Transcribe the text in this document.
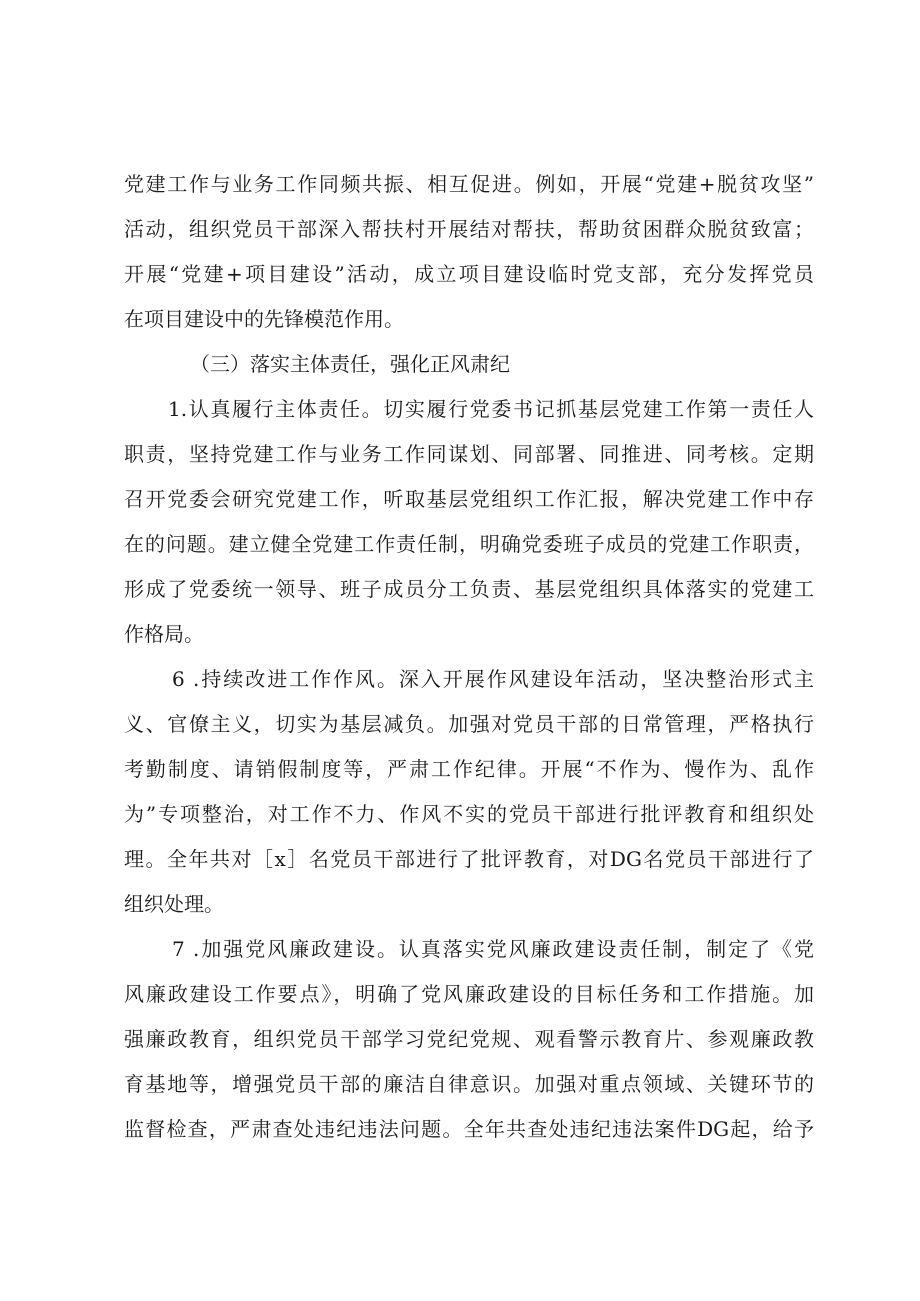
党建工作与业务工作同频共振、相互促进。例如，开展“党建+脱贫攻坚”
活动，组织党员干部深入帮扶村开展结对帮扶，帮助贫困群众脱贫致富；
开展“党建+项目建设”活动，成立项目建设临时党支部，充分发挥党员
在项目建设中的先锋模范作用。
（三）落实主体责任，强化正风肃纪
1.认真履行主体责任。切实履行党委书记抓基层党建工作第一责任人
职责，坚持党建工作与业务工作同谋划、同部署、同推进、同考核。定期
召开党委会研究党建工作，听取基层党组织工作汇报，解决党建工作中存
在的问题。建立健全党建工作责任制，明确党委班子成员的党建工作职责，
形成了党委统一领导、班子成员分工负责、基层党组织具体落实的党建工
作格局。
6 .持续改进工作作风。深入开展作风建设年活动，坚决整治形式主
义、官僚主义，切实为基层减负。加强对党员干部的日常管理，严格执行
考勤制度、请销假制度等，严肃工作纪律。开展“不作为、慢作为、乱作
为”专项整治，对工作不力、作风不实的党员干部进行批评教育和组织处
理。全年共对［x］名党员干部进行了批评教育，对DG名党员干部进行了
组织处理。
7 .加强党风廉政建设。认真落实党风廉政建设责任制，制定了《党
风廉政建设工作要点》，明确了党风廉政建设的目标任务和工作措施。加
强廉政教育，组织党员干部学习党纪党规、观看警示教育片、参观廉政教
育基地等，增强党员干部的廉洁自律意识。加强对重点领域、关键环节的
监督检查，严肃查处违纪违法问题。全年共查处违纪违法案件DG起，给予
